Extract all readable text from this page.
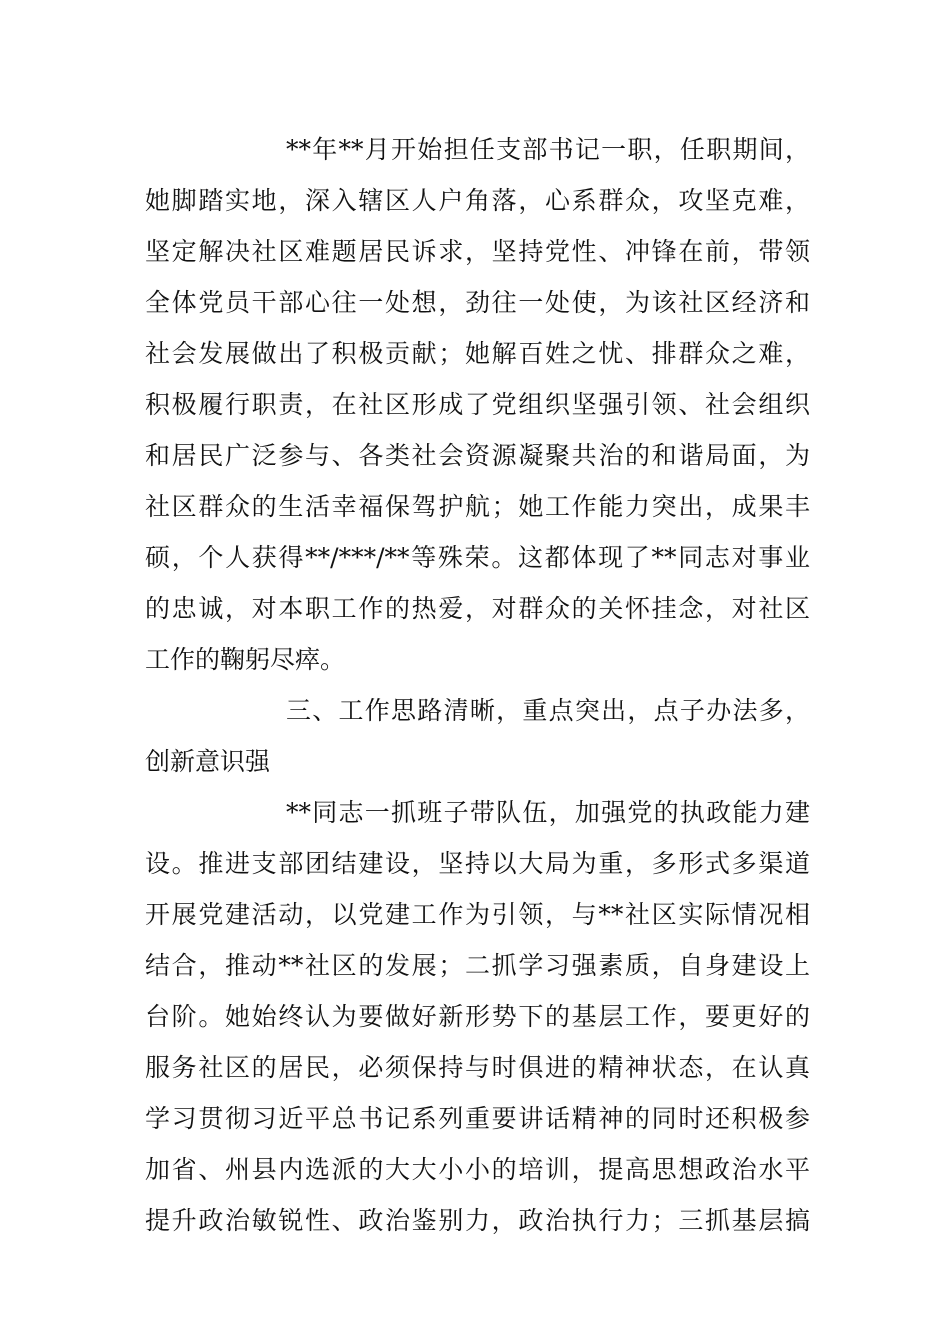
**年**月开始担任支部书记一职，任职期间，
她脚踏实地，深入辖区人户角落，心系群众，攻坚克难，
坚定解决社区难题居民诉求，坚持党性、冲锋在前，带领
全体党员干部心往一处想，劲往一处使，为该社区经济和
社会发展做出了积极贡献；她解百姓之忧、排群众之难，
积极履行职责，在社区形成了党组织坚强引领、社会组织
和居民广泛参与、各类社会资源凝聚共治的和谐局面，为
社区群众的生活幸福保驾护航；她工作能力突出，成果丰
硕，个人获得**/***/**等殊荣。这都体现了**同志对事业
的忠诚，对本职工作的热爱，对群众的关怀挂念，对社区
工作的鞠躬尽瘁。
三、工作思路清晰，重点突出，点子办法多，
创新意识强
**同志一抓班子带队伍，加强党的执政能力建
设。推进支部团结建设，坚持以大局为重，多形式多渠道
开展党建活动，以党建工作为引领，与**社区实际情况相
结合，推动**社区的发展；二抓学习强素质，自身建设上
台阶。她始终认为要做好新形势下的基层工作，要更好的
服务社区的居民，必须保持与时俱进的精神状态，在认真
学习贯彻习近平总书记系列重要讲话精神的同时还积极参
加省、州县内选派的大大小小的培训，提高思想政治水平
提升政治敏锐性、政治鉴别力，政治执行力；三抓基层搞
